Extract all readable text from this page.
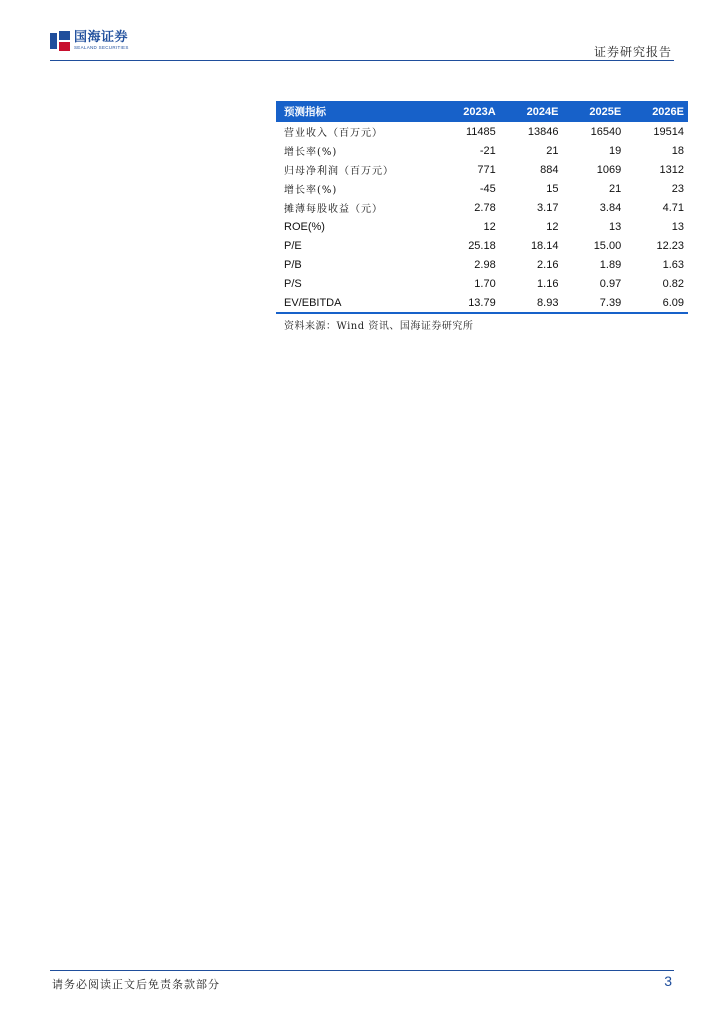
国海证券
SEALAND SECURITIES	证券研究报告
预测指标	2023A	2024E	2025E	2026E
营业收入（百万元）	11485	13846	16540	19514
增长率(%)	-21	21	19	18
归母净利润（百万元）	771	884	1069	1312
增长率(%)	-45	15	21	23
摊薄每股收益（元）	2.78	3.17	3.84	4.71
ROE(%)	12	12	13	13
P/E	25.18	18.14	15.00	12.23
P/B	2.98	2.16	1.89	1.63
P/S	1.70	1.16	0.97	0.82
EV/EBITDA	13.79	8.93	7.39	6.09
资料来源：Wind 资讯、国海证券研究所
请务必阅读正文后免责条款部分	3
